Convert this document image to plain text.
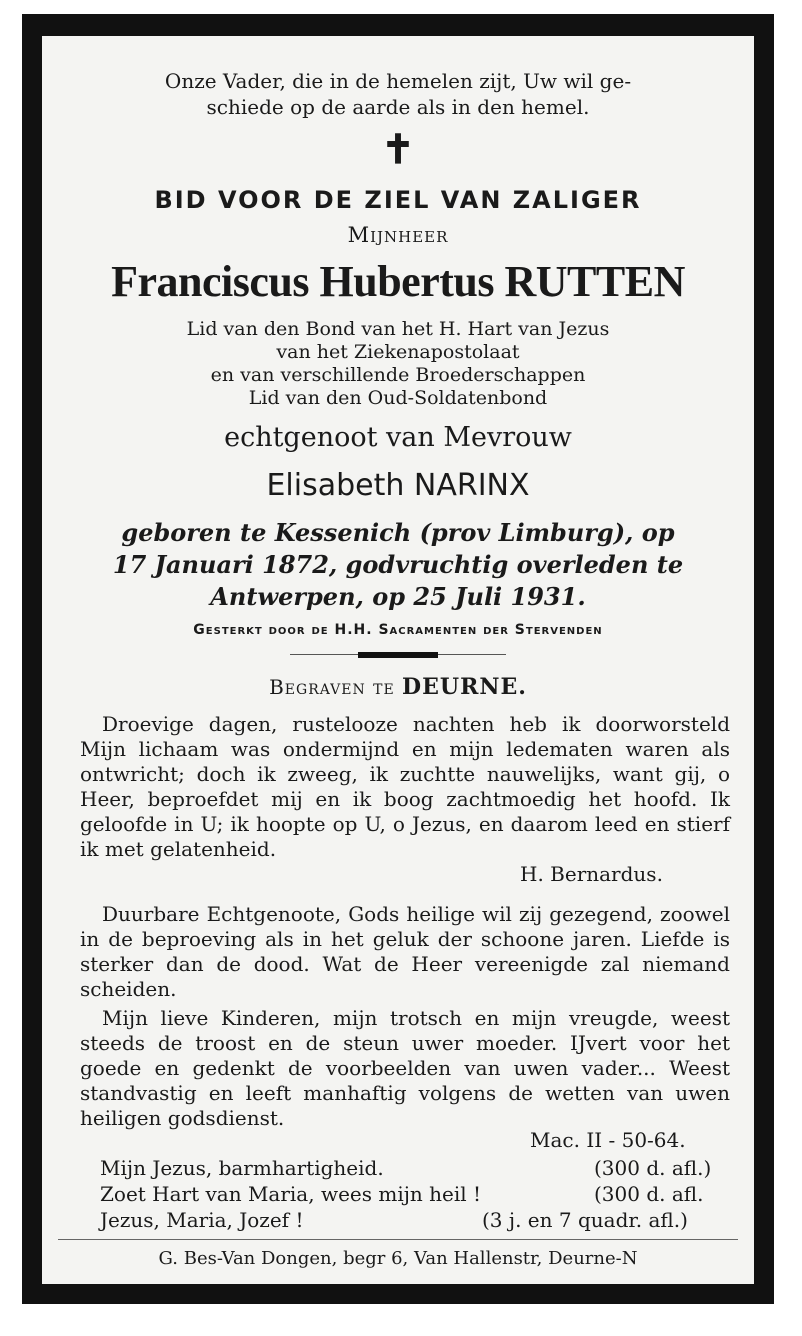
Onze Vader, die in de hemelen zijt, Uw wil ge-
schiede op de aarde als in den hemel.
✝
BID VOOR DE ZIEL VAN ZALIGER
Mijnheer
Franciscus Hubertus RUTTEN
Lid van den Bond van het H. Hart van Jezus
van het Ziekenapostolaat
en van verschillende Broederschappen
Lid van den Oud-Soldatenbond
echtgenoot van Mevrouw
Elisabeth NARINX
geboren te Kessenich (prov Limburg), op
17 Januari 1872, godvruchtig overleden te
Antwerpen, op 25 Juli 1931.
Gesterkt door de H.H. Sacramenten der Stervenden
Begraven te DEURNE.

Droevige dagen, rustelooze nachten heb ik doorworsteld Mijn lichaam was ondermijnd en mijn ledematen waren als ontwricht; doch ik zweeg, ik zuchtte nauwelijks, want gij, o Heer, beproefdet mij en ik boog zachtmoedig het hoofd. Ik geloofde in U; ik hoopte op U, o Jezus, en daarom leed en stierf ik met gelatenheid.

H. Bernardus.

Duurbare Echtgenoote, Gods heilige wil zij gezegend, zoowel in de beproeving als in het geluk der schoone jaren. Liefde is sterker dan de dood. Wat de Heer vereenigde zal niemand scheiden.

Mijn lieve Kinderen, mijn trotsch en mijn vreugde, weest steeds de troost en de steun uwer moeder. IJvert voor het goede en gedenkt de voorbeelden van uwen vader... Weest standvastig en leeft manhaftig volgens de wetten van uwen heiligen godsdienst.

Mac. II - 50-64.
Mijn Jezus, barmhartigheid.	(300 d. afl.)
Zoet Hart van Maria, wees mijn heil !	(300 d. afl.
Jezus, Maria, Jozef !	(3 j. en 7 quadr. afl.)
G. Bes-Van Dongen, begr 6, Van Hallenstr, Deurne-N
